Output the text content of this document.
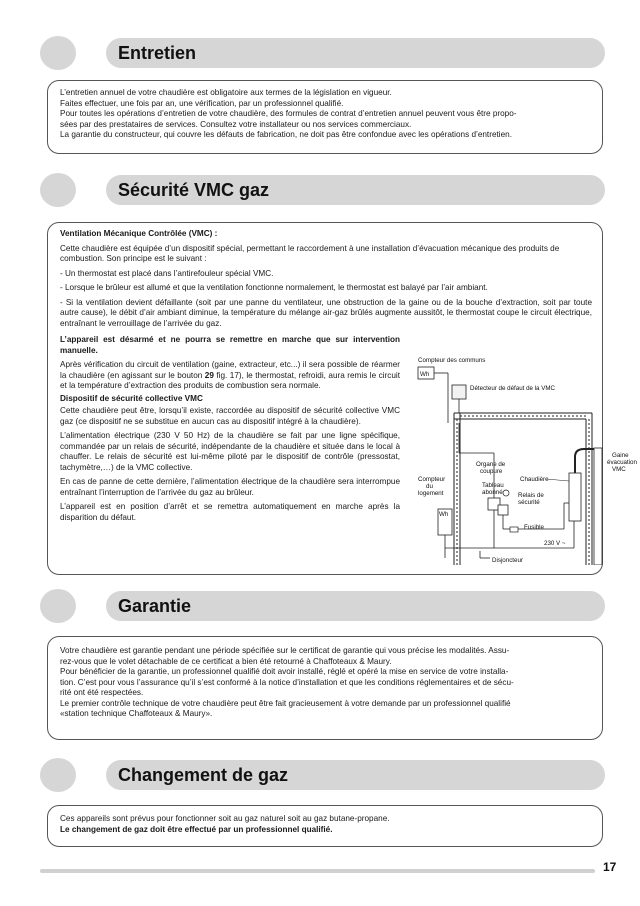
Entretien

L’entretien annuel de votre chaudière est obligatoire aux termes de la législation en vigueur.

Faites effectuer, une fois par an, une vérification, par un professionnel qualifié.

Pour toutes les opérations d’entretien de votre chaudière, des formules de contrat d’entretien annuel peuvent vous être propo-

sées par des prestataires de services. Consultez votre installateur ou nos services commerciaux.

La garantie du constructeur, qui couvre les défauts de fabrication, ne doit pas être confondue avec les opérations d’entretien.

Sécurité VMC gaz

Ventilation Mécanique Contrôlée (VMC) :

Cette chaudière est équipée d’un dispositif spécial, permettant le raccordement à une installation d’évacuation mécanique des produits de combustion. Son principe est le suivant :

- Un thermostat est placé dans l’antirefouleur spécial VMC.

- Lorsque le brûleur est allumé et que la ventilation fonctionne normalement, le thermostat est balayé par l’air ambiant.

- Si la ventilation devient défaillante (soit par une panne du ventilateur, une obstruction de la gaine ou de la bouche d’extraction, soit par toute autre cause), le débit d’air ambiant diminue, la température du mélange air-gaz brûlés augmente aussitôt, le thermostat coupe le circuit électrique, entraînant le verrouillage de l’arrivée du gaz.

L’appareil est désarmé et ne pourra se remettre en marche que sur intervention manuelle.

Après vérification du circuit de ventilation (gaine, extracteur, etc...) il sera possible de réarmer la chaudière (en agissant sur le bouton 29 fig. 17), le thermostat, refroidi, aura remis le circuit et la température d’extraction des produits de combustion sera normale.

Dispositif de sécurité collective VMC

Cette chaudière peut être, lorsqu’il existe, raccordée au dispositif de sécurité collective VMC gaz (ce dispositif ne se substitue en aucun cas au dispositif intégré à la chaudière).

L’alimentation électrique (230 V 50 Hz) de la chaudière se fait par une ligne spécifique, commandée par un relais de sécurité, indépendante de la chaudière et située dans le local à chauffer. Le relais de sécurité est lui-même piloté par le dispositif de contrôle (pressostat, tachymètre,…) de la VMC collective.

En cas de panne de cette dernière, l’alimentation électrique de la chaudière sera interrompue entraînant l’interruption de l’arrivée du gaz au brûleur.

L’appareil est en position d’arrêt et se remettra automatiquement en marche après la disparition du défaut.

Wh
Compteur des communs
Détecteur de défaut de la VMC
Gaine
évacuation
VMC
Chaudière
Organe de
coupure
Compteur
du
logement
Wh
Tableau
abonné Relais de
sécurité
Fusible
230 V ~
Disjoncteur
Garantie

Votre chaudière est garantie pendant une période spécifiée sur le certificat de garantie qui vous précise les modalités. Assu-

rez-vous que le volet détachable de ce certificat a bien été retourné à Chaffoteaux & Maury.

Pour bénéficier de la garantie, un professionnel qualifié doit avoir installé, réglé et opéré la mise en service de votre installa-

tion. C’est pour vous l’assurance qu’il s’est conformé à la notice d’installation et que les conditions réglementaires et de sécu-

rité ont été respectées.

Le premier contrôle technique de votre chaudière peut être fait gracieusement à votre demande par un professionnel qualifié

«station technique Chaffoteaux & Maury».

Changement de gaz

Ces appareils sont prévus pour fonctionner soit au gaz naturel soit au gaz butane-propane.

Le changement de gaz doit être effectué par un professionnel qualifié.

17
